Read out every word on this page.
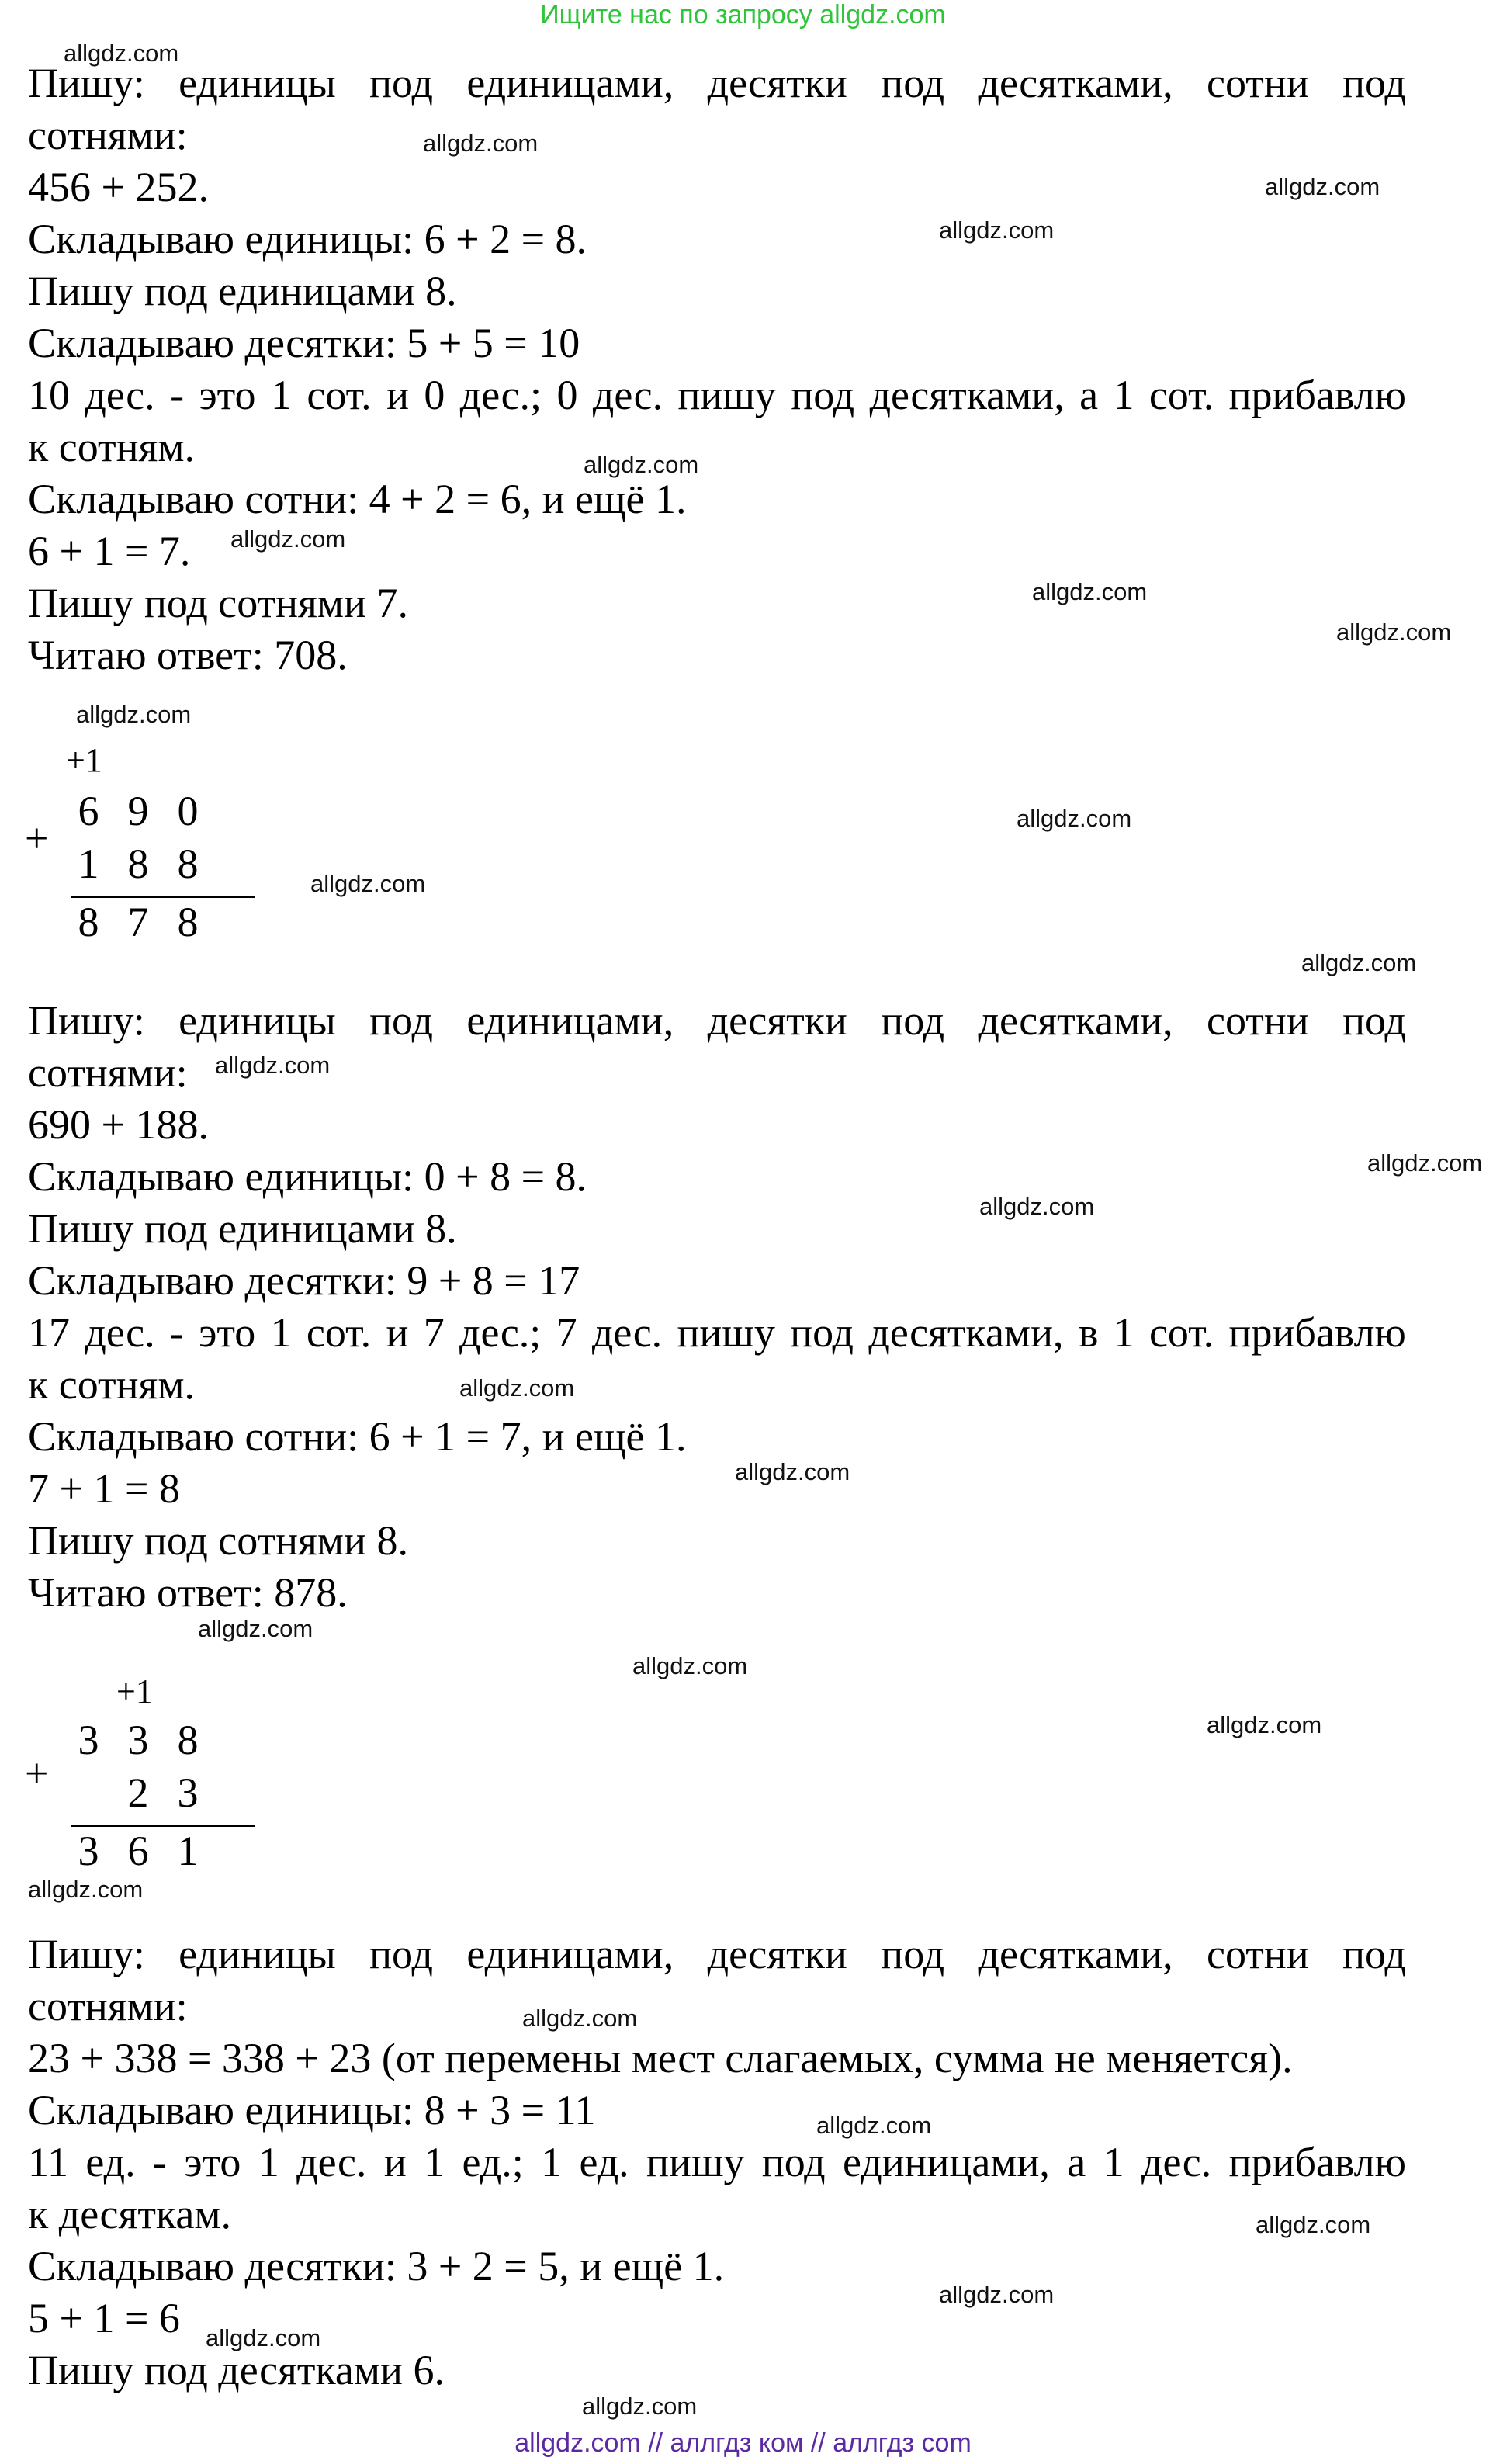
Ищите нас по запросу allgdz.com
Пишу: единицы под единицами, десятки под десятками, сотни под
сотнями:
456 + 252.
Складываю единицы: 6 + 2 = 8.
Пишу под единицами 8.
Складываю десятки: 5 + 5 = 10
10 дес. - это 1 сот. и 0 дес.; 0 дес. пишу под десятками, а 1 сот. прибавлю
к сотням.
Складываю сотни: 4 + 2 = 6, и ещё 1.
6 + 1 = 7.
Пишу под сотнями 7.
Читаю ответ: 708.
+1
+
6 9 0
1 8 8
8 7 8
Пишу: единицы под единицами, десятки под десятками, сотни под
сотнями:
690 + 188.
Складываю единицы: 0 + 8 = 8.
Пишу под единицами 8.
Складываю десятки: 9 + 8 = 17
17 дес. - это 1 сот. и 7 дес.; 7 дес. пишу под десятками, в 1 сот. прибавлю
к сотням.
Складываю сотни: 6 + 1 = 7, и ещё 1.
7 + 1 = 8
Пишу под сотнями 8.
Читаю ответ: 878.
+1
+
3 3 8
2 3
3 6 1
Пишу: единицы под единицами, десятки под десятками, сотни под
сотнями:
23 + 338 = 338 + 23 (от перемены мест слагаемых, сумма не меняется).
Складываю единицы: 8 + 3 = 11
11 ед. - это 1 дес. и 1 ед.; 1 ед. пишу под единицами, а 1 дес. прибавлю
к десяткам.
Складываю десятки: 3 + 2 = 5, и ещё 1.
5 + 1 = 6
Пишу под десятками 6.
allgdz.com
allgdz.com
allgdz.com
allgdz.com
allgdz.com
allgdz.com
allgdz.com
allgdz.com
allgdz.com
allgdz.com
allgdz.com
allgdz.com
allgdz.com
allgdz.com
allgdz.com
allgdz.com
allgdz.com
allgdz.com
allgdz.com
allgdz.com
allgdz.com
allgdz.com
allgdz.com
allgdz.com
allgdz.com
allgdz.com
allgdz.com
allgdz.com // аллгдз ком // аллгдз com
